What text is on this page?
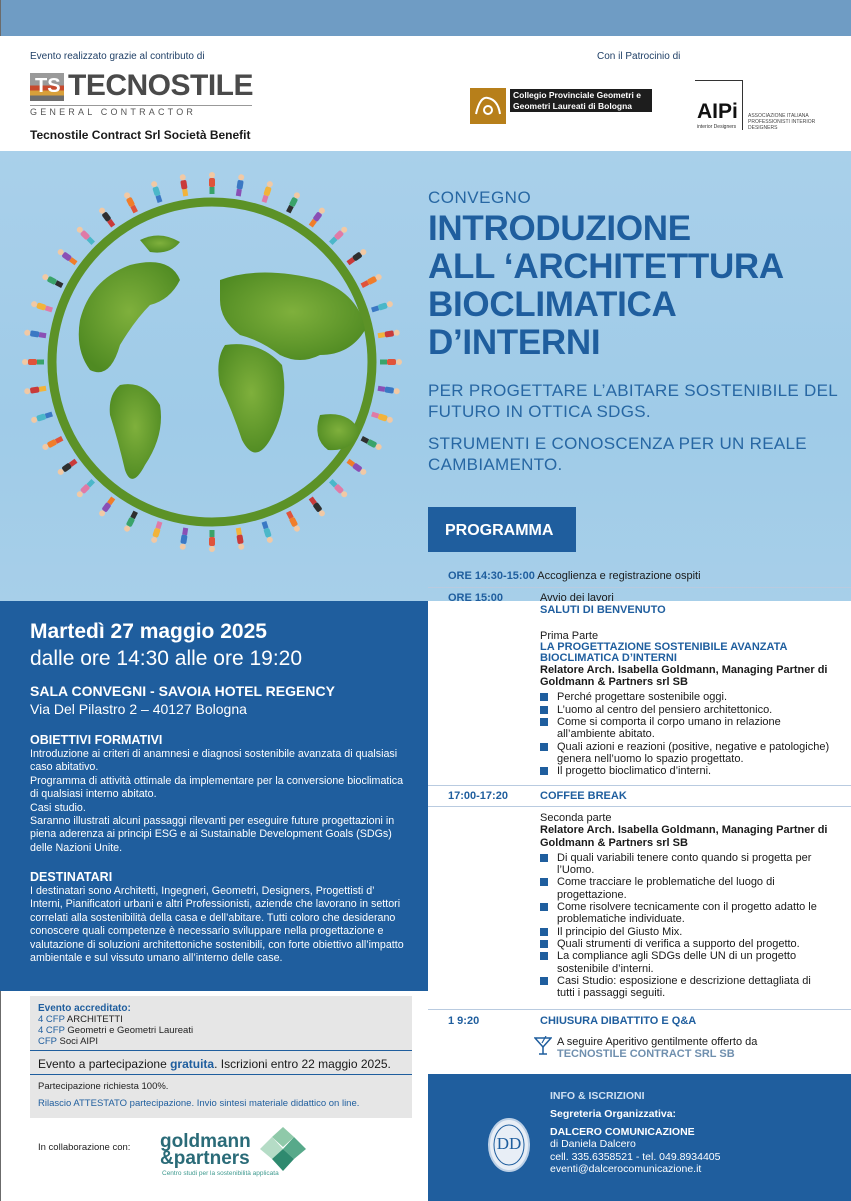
Evento realizzato grazie al contributo di	Con il Patrocinio di
TS TECNOSTILE
GENERAL CONTRACTOR
Tecnostile Contract Srl Società Benefit
Collegio Provinciale Geometri e Geometri Laureati di Bologna	AIPi
interior Designers
ASSOCIAZIONE ITALIANA PROFESSIONISTI INTERIOR DESIGNERS
CONVEGNO
INTRODUZIONE
ALL ‘ARCHITETTURA
BIOCLIMATICA
D’INTERNI
PER PROGETTARE L’ABITARE SOSTENIBILE DEL FUTURO IN OTTICA SDGS.
STRUMENTI E CONOSCENZA PER UN REALE CAMBIAMENTO.
PROGRAMMA
Martedì 27 maggio 2025
dalle ore 14:30 alle ore 19:20
SALA CONVEGNI - SAVOIA HOTEL REGENCY
Via Del Pilastro 2 – 40127 Bologna
OBIETTIVI FORMATIVI
Introduzione ai criteri di anamnesi e diagnosi sostenibile avanzata di qualsiasi caso abitativo.
Programma di attività ottimale da implementare per la conversione bioclimatica di qualsiasi interno abitato.
Casi studio.
Saranno illustrati alcuni passaggi rilevanti per eseguire future progettazioni in piena aderenza ai principi ESG e ai Sustainable Development Goals (SDGs) delle Nazioni Unite.
DESTINATARI
I destinatari sono Architetti, Ingegneri, Geometri, Designers, Progettisti d’ Interni, Pianificatori urbani e altri Professionisti, aziende che lavorano in settori correlati alla sostenibilità della casa e dell’abitare. Tutti coloro che desiderano conoscere quali competenze è necessario sviluppare nella progettazione e valutazione di soluzioni architettoniche sostenibili, con forte obiettivo all’impatto ambientale e sul vissuto umano all’interno delle case.
Evento accreditato:
4 CFP ARCHITETTI
4 CFP Geometri e Geometri Laureati
CFP Soci AIPI
Evento a partecipazione gratuita. Iscrizioni entro 22 maggio 2025.
Partecipazione richiesta 100%.
Rilascio ATTESTATO partecipazione. Invio sintesi materiale didattico on line.
In collaborazione con: goldmann
&partners
Centro studi per la sostenibilità applicata
ORE 14:30-15:00 Accoglienza e registrazione ospiti
ORE 15:00	Avvio dei lavori
SALUTI DI BENVENUTO
Prima Parte
LA PROGETTAZIONE SOSTENIBILE AVANZATA BIOCLIMATICA D’INTERNI
Relatore Arch. Isabella Goldmann, Managing Partner di Goldmann & Partners srl SB
Perché progettare sostenibile oggi.
L’uomo al centro del pensiero architettonico.
Come si comporta il corpo umano in relazione all’ambiente abitato.
Quali azioni e reazioni (positive, negative e patologiche) genera nell’uomo lo spazio progettato.
Il progetto bioclimatico d’interni.
17:00-17:20	COFFEE BREAK
Seconda parte
Relatore Arch. Isabella Goldmann, Managing Partner di Goldmann & Partners srl SB
Di quali variabili tenere conto quando si progetta per l’Uomo.
Come tracciare le problematiche del luogo di progettazione.
Come risolvere tecnicamente con il progetto adatto le problematiche individuate.
Il principio del Giusto Mix.
Quali strumenti di verifica a supporto del progetto.
La compliance agli SDGs delle UN di un progetto sostenibile d’interni.
Casi Studio: esposizione e descrizione dettagliata di tutti i passaggi seguiti.
1 9:20	CHIUSURA DIBATTITO E Q&A
A seguire Aperitivo gentilmente offerto da
TECNOSTILE CONTRACT SRL SB
DD
INFO & ISCRIZIONI
Segreteria Organizzativa:
DALCERO COMUNICAZIONE
di Daniela Dalcero
cell. 335.6358521 - tel. 049.8934405
eventi@dalcerocomunicazione.it
